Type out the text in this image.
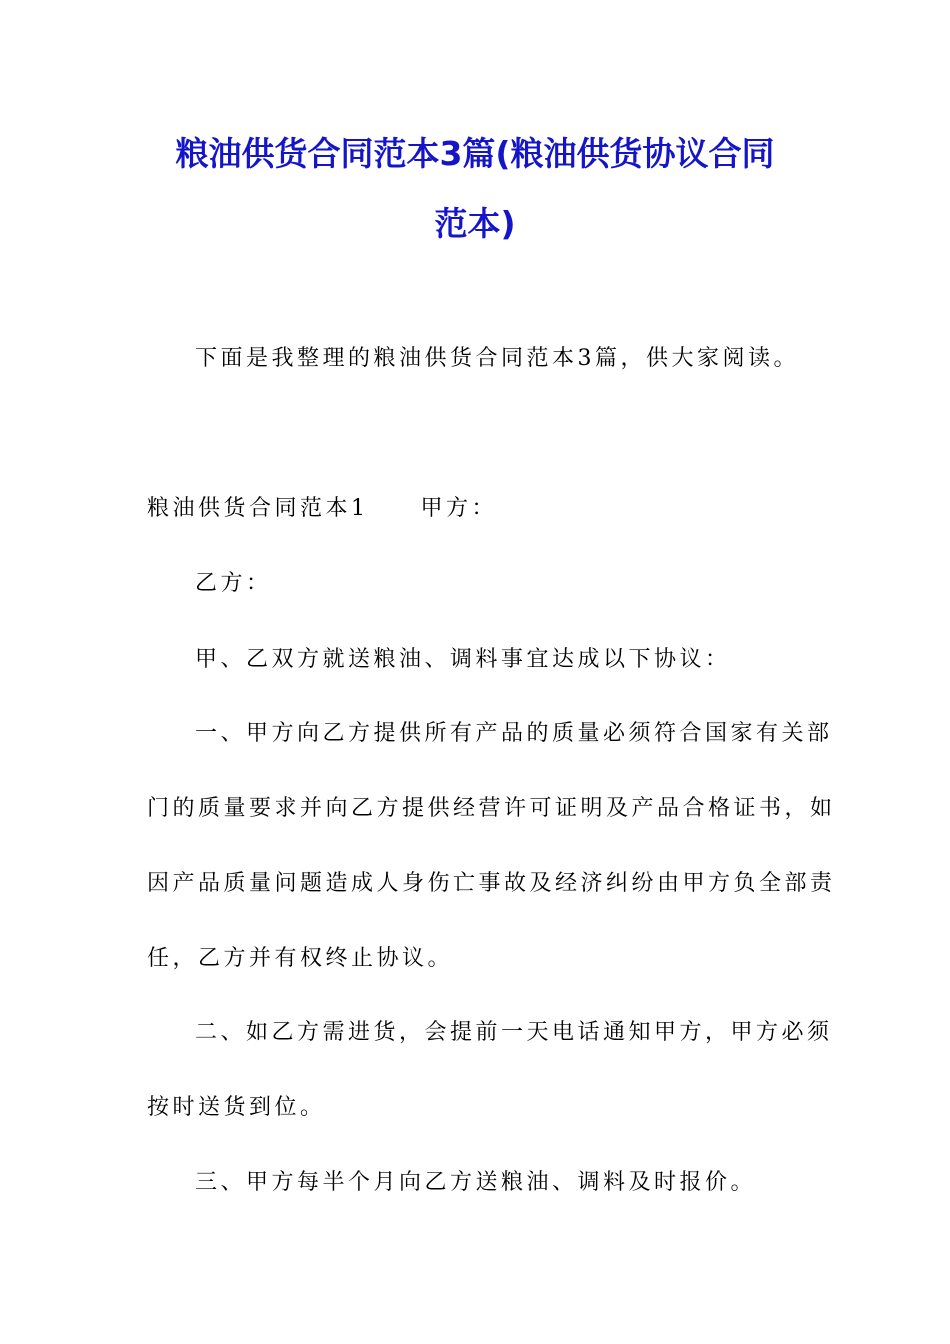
粮油供货合同范本3篇(粮油供货协议合同
范本)
下面是我整理的粮油供货合同范本3篇，供大家阅读。
粮油供货合同范本1 甲方：
乙方：
甲、乙双方就送粮油、调料事宜达成以下协议：
一、甲方向乙方提供所有产品的质量必须符合国家有关部
门的质量要求并向乙方提供经营许可证明及产品合格证书，如
因产品质量问题造成人身伤亡事故及经济纠纷由甲方负全部责
任，乙方并有权终止协议。
二、如乙方需进货，会提前一天电话通知甲方，甲方必须
按时送货到位。
三、甲方每半个月向乙方送粮油、调料及时报价。
